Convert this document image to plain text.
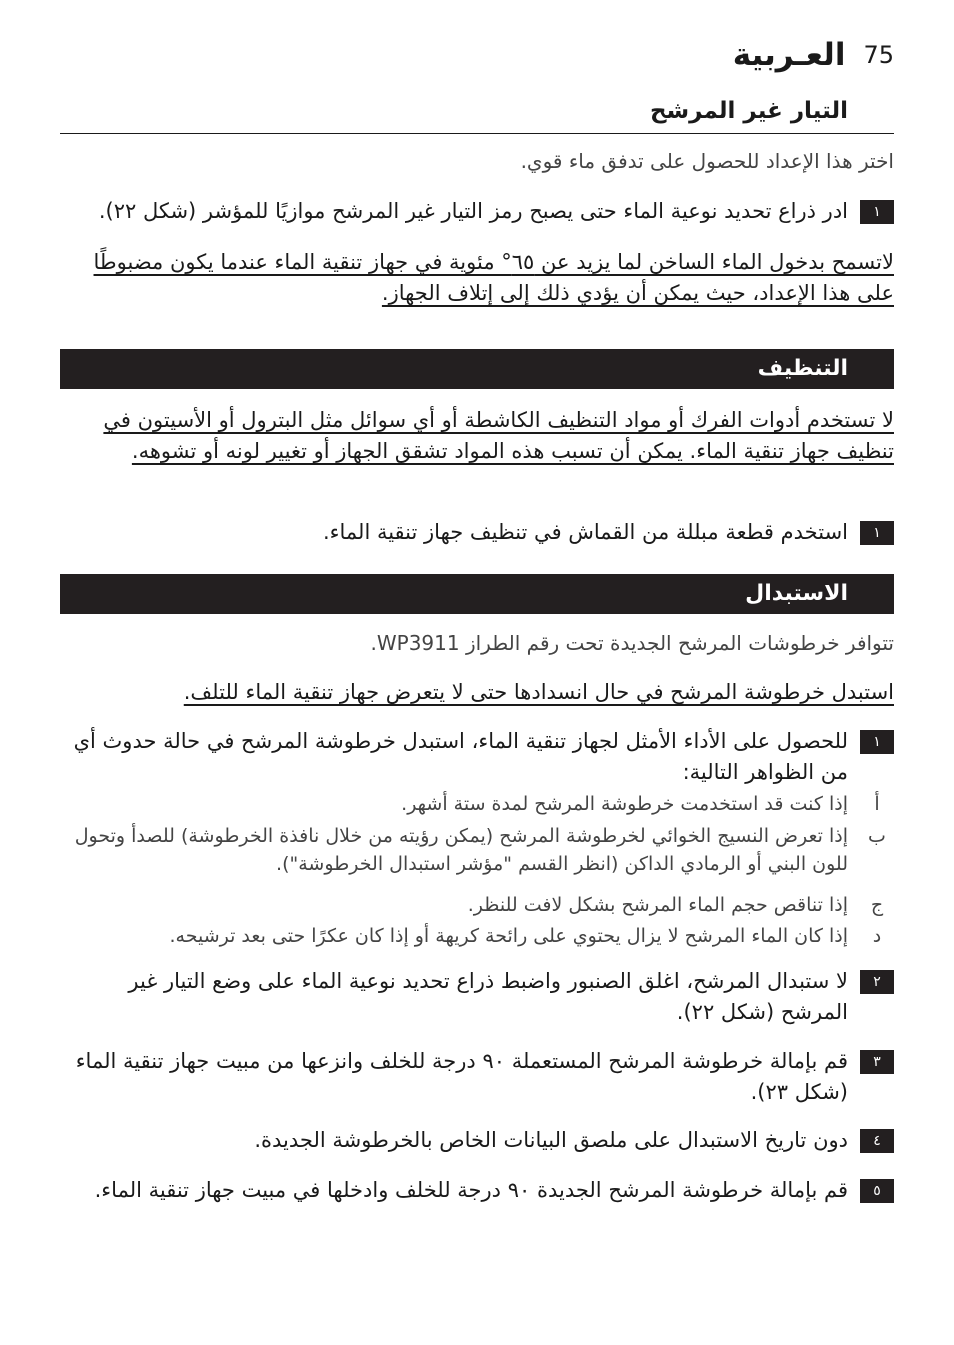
العـربية 75
التيار غير المرشح
اختر هذا الإعداد للحصول على تدفق ماء قوي.
١
ادر ذراع تحديد نوعية الماء حتى يصبح رمز التيار غير المرشح موازيًا للمؤشر (شكل ٢٢).
لاتسمح بدخول الماء الساخن لما يزيد عن ٦٥° مئوية في جهاز تنقية الماء عندما يكون مضبوطًا على هذا الإعداد، حيث يمكن أن يؤدي ذلك إلى إتلاف الجهاز.
التنظيف
لا تستخدم أدوات الفرك أو مواد التنظيف الكاشطة أو أي سوائل مثل البترول أو الأسيتون في تنظيف جهاز تنقية الماء. يمكن أن تسبب هذه المواد تشقق الجهاز أو تغيير لونه أو تشوهه.
١
استخدم قطعة مبللة من القماش في تنظيف جهاز تنقية الماء.
الاستبدال
تتوافر خرطوشات المرشح الجديدة تحت رقم الطراز WP3911.
استبدل خرطوشة المرشح في حال انسدادها حتى لا يتعرض جهاز تنقية الماء للتلف.
١
للحصول على الأداء الأمثل لجهاز تنقية الماء، استبدل خرطوشة المرشح في حالة حدوث أي من الظواهر التالية:
أ
إذا كنت قد استخدمت خرطوشة المرشح لمدة ستة أشهر.
ب
إذا تعرض النسيج الخوائي لخرطوشة المرشح (يمكن رؤيته من خلال نافذة الخرطوشة) للصدأ وتحول للون البني أو الرمادي الداكن (انظر القسم "مؤشر استبدال الخرطوشة").
ج
إذا تناقص حجم الماء المرشح بشكل لافت للنظر.
د
إذا كان الماء المرشح لا يزال يحتوي على رائحة كريهة أو إذا كان عكرًا حتى بعد ترشيحه.
٢
لا ستبدال المرشح، اغلق الصنبور واضبط ذراع تحديد نوعية الماء على وضع التيار غير المرشح (شكل ٢٢).
٣
قم بإمالة خرطوشة المرشح المستعملة ٩٠ درجة للخلف وانزعها من مبيت جهاز تنقية الماء (شكل ٢٣).
٤
دون تاريخ الاستبدال على ملصق البيانات الخاص بالخرطوشة الجديدة.
٥
قم بإمالة خرطوشة المرشح الجديدة ٩٠ درجة للخلف وادخلها في مبيت جهاز تنقية الماء.
